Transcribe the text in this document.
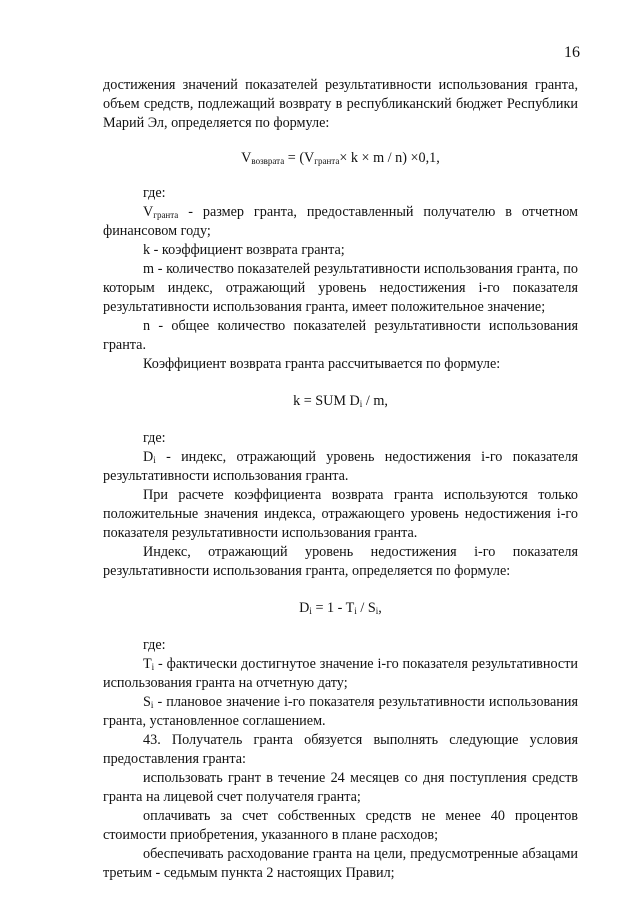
16

достижения значений показателей результативности использования гранта, объем средств, подлежащий возврату в республиканский бюджет Республики Марий Эл, определяется по формуле:

$V_{возврата} = (V_{гранта}\times k \times m / n) \times 0,1$,

где:

$V_{гранта}$ - размер гранта, предоставленный получателю в отчетном финансовом году;

k - коэффициент возврата гранта;

m - количество показателей результативности использования гранта, по которым индекс, отражающий уровень недостижения i-го показателя результативности использования гранта, имеет положительное значение;

n - общее количество показателей результативности использования гранта.

Коэффициент возврата гранта рассчитывается по формуле:

k = SUM $D_i$ / m,

где:

$D_i$ - индекс, отражающий уровень недостижения i-го показателя результативности использования гранта.

При расчете коэффициента возврата гранта используются только положительные значения индекса, отражающего уровень недостижения i-го показателя результативности использования гранта.

Индекс, отражающий уровень недостижения i-го показателя результативности использования гранта, определяется по формуле:

$D_i = 1 - T_i / S_i$,

где:

$T_i$ - фактически достигнутое значение i-го показателя результативности использования гранта на отчетную дату;

$S_i$ - плановое значение i-го показателя результативности использования гранта, установленное соглашением.

43. Получатель гранта обязуется выполнять следующие условия предоставления гранта:

использовать грант в течение 24 месяцев со дня поступления средств гранта на лицевой счет получателя гранта;

оплачивать за счет собственных средств не менее 40 процентов стоимости приобретения, указанного в плане расходов;

обеспечивать расходование гранта на цели, предусмотренные абзацами третьим - седьмым пункта 2 настоящих Правил;
